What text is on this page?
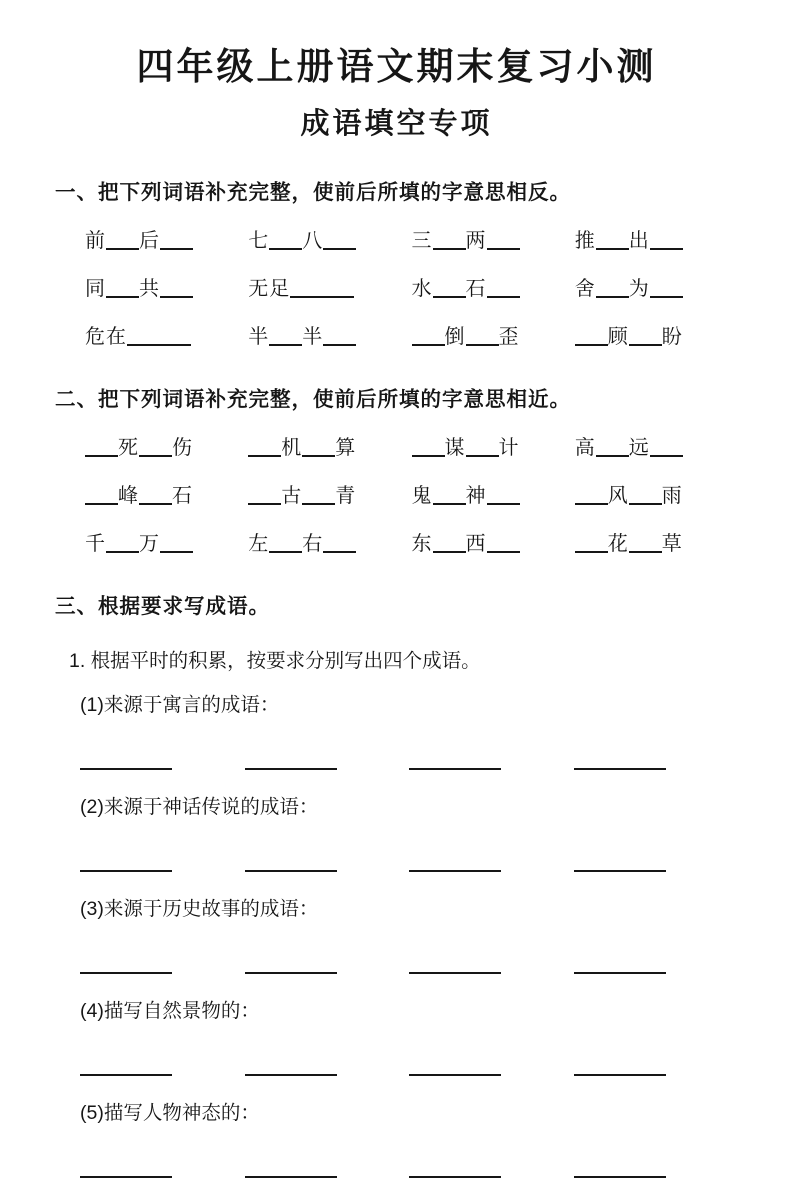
四年级上册语文期末复习小测
成语填空专项
一、把下列词语补充完整，使前后所填的字意思相反。
前 后	七 八	三 两	推 出
同 共	无足	水 石	舍 为
危在	半 半	倒 歪	顾 盼
二、把下列词语补充完整，使前后所填的字意思相近。
死 伤	机 算	谋 计	高 远
峰 石	古 青	鬼 神	风 雨
千 万	左 右	东 西	花 草
三、根据要求写成语。
1. 根据平时的积累，按要求分别写出四个成语。
(1)来源于寓言的成语：
(2)来源于神话传说的成语：
(3)来源于历史故事的成语：
(4)描写自然景物的：
(5)描写人物神态的：
